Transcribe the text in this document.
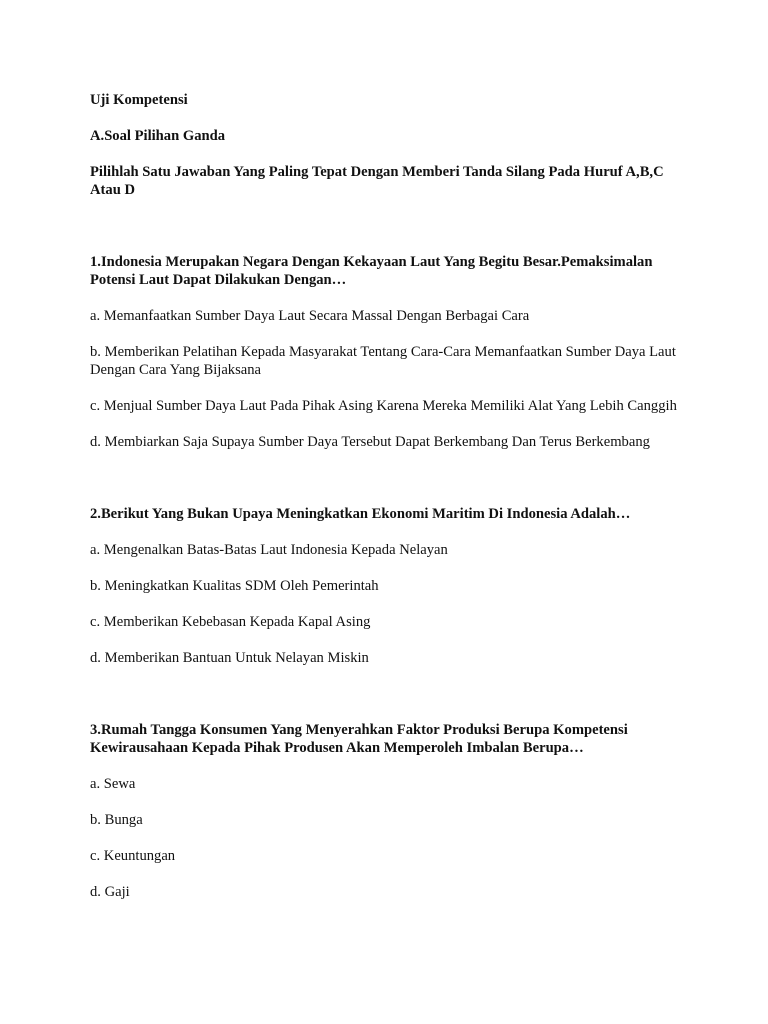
Uji Kompetensi

A.Soal Pilihan Ganda

Pilihlah Satu Jawaban Yang Paling Tepat Dengan Memberi Tanda Silang Pada Huruf A,B,C Atau D

1.Indonesia Merupakan Negara Dengan Kekayaan Laut Yang Begitu Besar.Pemaksimalan Potensi Laut Dapat Dilakukan Dengan…

a. Memanfaatkan Sumber Daya Laut Secara Massal Dengan Berbagai Cara

b. Memberikan Pelatihan Kepada Masyarakat Tentang Cara-Cara Memanfaatkan Sumber Daya Laut Dengan Cara Yang Bijaksana

c. Menjual Sumber Daya Laut Pada Pihak Asing Karena Mereka Memiliki Alat Yang Lebih Canggih

d. Membiarkan Saja Supaya Sumber Daya Tersebut Dapat Berkembang Dan Terus Berkembang

2.Berikut Yang Bukan Upaya Meningkatkan Ekonomi Maritim Di Indonesia Adalah…

a. Mengenalkan Batas-Batas Laut Indonesia Kepada Nelayan

b. Meningkatkan Kualitas SDM Oleh Pemerintah

c. Memberikan Kebebasan Kepada Kapal Asing

d. Memberikan Bantuan Untuk Nelayan Miskin

3.Rumah Tangga Konsumen Yang Menyerahkan Faktor Produksi Berupa Kompetensi Kewirausahaan Kepada Pihak Produsen Akan Memperoleh Imbalan Berupa…

a. Sewa

b. Bunga

c. Keuntungan

d. Gaji
